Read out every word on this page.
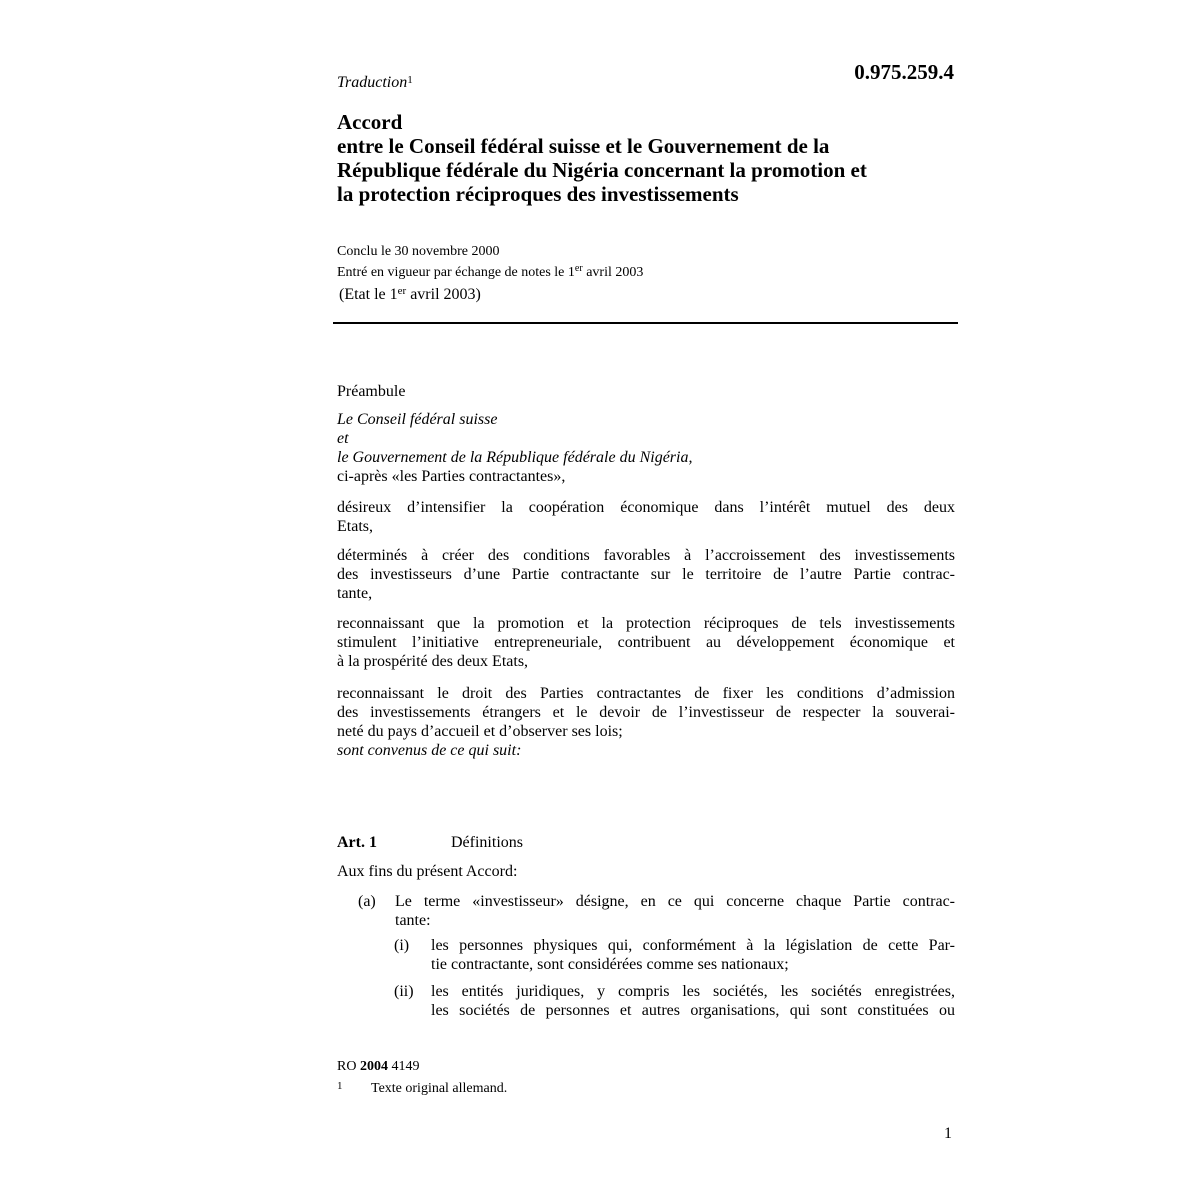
Traduction$^1$	0.975.259.4
Accord
entre le Conseil fédéral suisse et le Gouvernement de la
République fédérale du Nigéria concernant la promotion et
la protection réciproques des investissements
Conclu le 30 novembre 2000
Entré en vigueur par échange de notes le 1er avril 2003
(Etat le 1er avril 2003)
Préambule
Le Conseil fédéral suisse
et
le Gouvernement de la République fédérale du Nigéria,
ci-après «les Parties contractantes»,
désireux d’intensifier la coopération économique dans l’intérêt mutuel des deux
Etats,
déterminés à créer des conditions favorables à l’accroissement des investissements
des investisseurs d’une Partie contractante sur le territoire de l’autre Partie contrac-
tante,
reconnaissant que la promotion et la protection réciproques de tels investissements
stimulent l’initiative entrepreneuriale, contribuent au développement économique et
à la prospérité des deux Etats,
reconnaissant le droit des Parties contractantes de fixer les conditions d’admission
des investissements étrangers et le devoir de l’investisseur de respecter la souverai-
neté du pays d’accueil et d’observer ses lois;
sont convenus de ce qui suit:
Art. 1	Définitions
Aux fins du présent Accord:
(a) Le terme «investisseur» désigne, en ce qui concerne chaque Partie contrac-
tante:
(i) les personnes physiques qui, conformément à la législation de cette Par-
tie contractante, sont considérées comme ses nationaux;
(ii) les entités juridiques, y compris les sociétés, les sociétés enregistrées,
les sociétés de personnes et autres organisations, qui sont constituées ou
RO 2004 4149
1 Texte original allemand.
1
